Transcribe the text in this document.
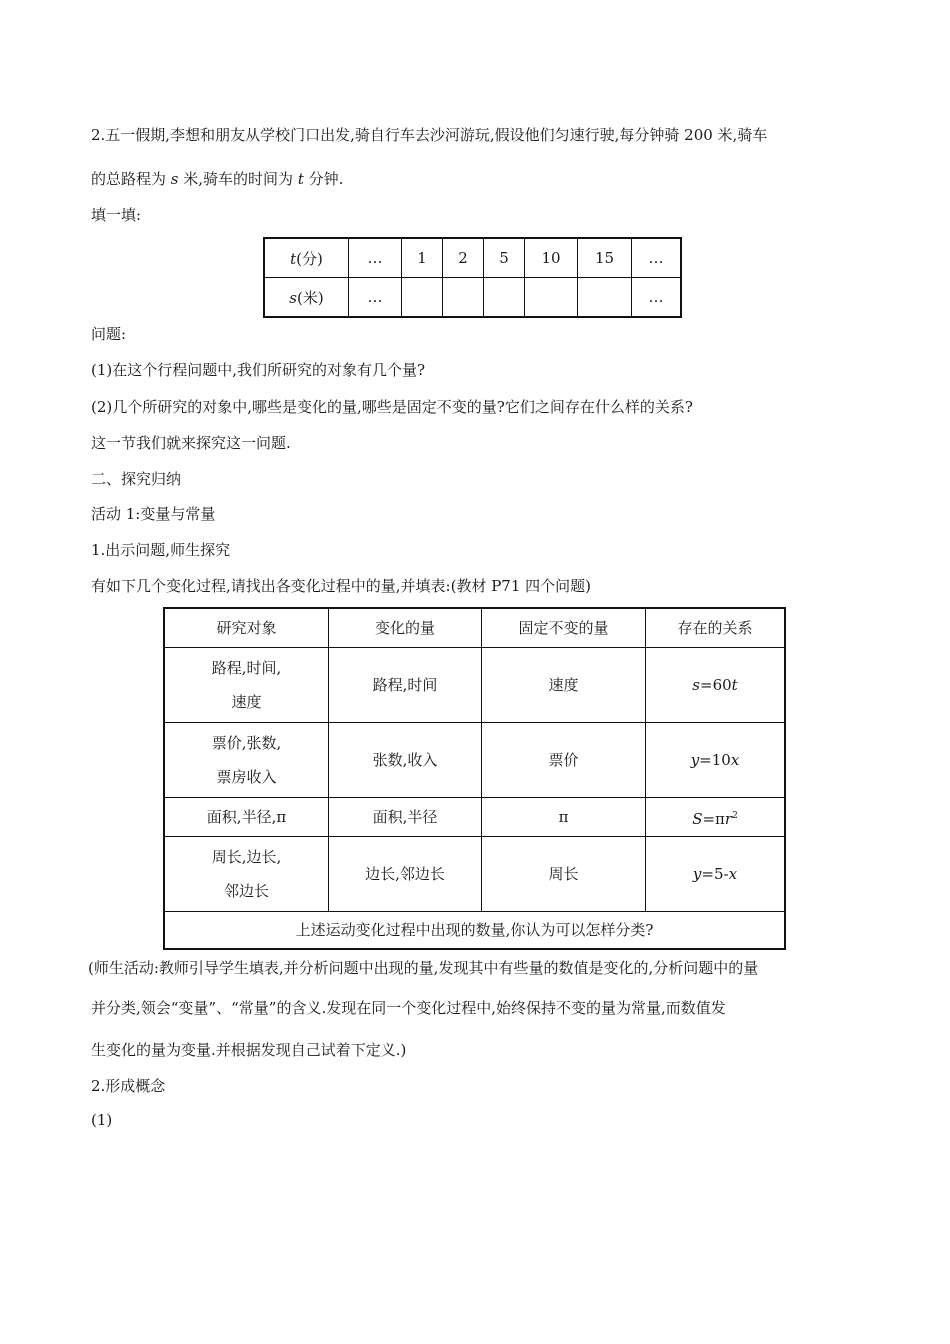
2.五一假期,李想和朋友从学校门口出发,骑自行车去沙河游玩,假设他们匀速行驶,每分钟骑 200 米,骑车
的总路程为 s 米,骑车的时间为 t 分钟.
填一填:
t(分)	…	1	2	5	10	15	…
s(米)	…						…
问题:
(1)在这个行程问题中,我们所研究的对象有几个量?
(2)几个所研究的对象中,哪些是变化的量,哪些是固定不变的量?它们之间存在什么样的关系?
这一节我们就来探究这一问题.
二、探究归纳
活动 1:变量与常量
1.出示问题,师生探究
有如下几个变化过程,请找出各变化过程中的量,并填表:(教材 P71 四个问题)
研究对象	变化的量	固定不变的量	存在的关系

路程,时间,
速度	路程,时间	速度	s=60t

票价,张数,
票房收入	张数,收入	票价	y=10x

面积,半径,π	面积,半径	π	$S=\pi r^2$

周长,边长,
邻边长	边长,邻边长	周长	y=5-x
上述运动变化过程中出现的数量,你认为可以怎样分类?			
(师生活动:教师引导学生填表,并分析问题中出现的量,发现其中有些量的数值是变化的,分析问题中的量
并分类,领会“变量”、“常量”的含义.发现在同一个变化过程中,始终保持不变的量为常量,而数值发
生变化的量为变量.并根据发现自己试着下定义.)
2.形成概念
(1)
